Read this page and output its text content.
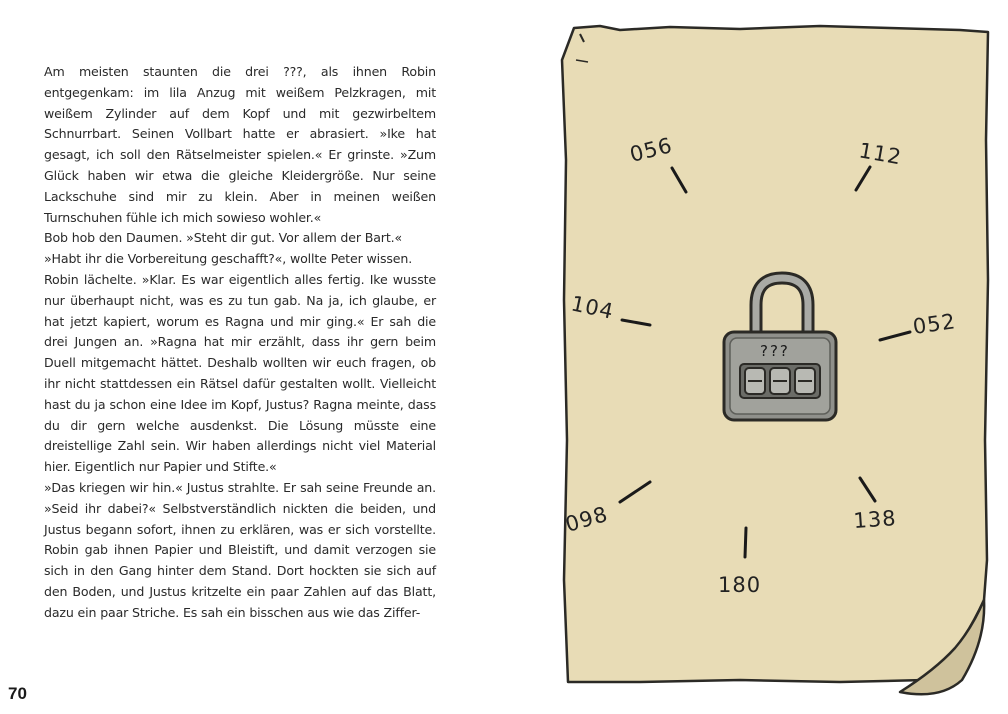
Am meisten staunten die drei ???, als ihnen Robin entgegenkam: im lila Anzug mit weißem Pelzkragen, mit weißem Zylinder auf dem Kopf und mit gezwirbeltem Schnurrbart. Seinen Vollbart hatte er abrasiert. »Ike hat gesagt, ich soll den Rätselmeister spielen.« Er grinste. »Zum Glück haben wir etwa die gleiche Kleidergröße. Nur seine Lackschuhe sind mir zu klein. Aber in meinen weißen Turnschuhen fühle ich mich sowieso wohler.«

Bob hob den Daumen. »Steht dir gut. Vor allem der Bart.«

»Habt ihr die Vorbereitung geschafft?«, wollte Peter wissen.

Robin lächelte. »Klar. Es war eigentlich alles fertig. Ike wusste nur überhaupt nicht, was es zu tun gab. Na ja, ich glaube, er hat jetzt kapiert, worum es Ragna und mir ging.« Er sah die drei Jungen an. »Ragna hat mir erzählt, dass ihr gern beim Duell mitgemacht hättet. Deshalb wollten wir euch fragen, ob ihr nicht stattdessen ein Rätsel dafür gestalten wollt. Vielleicht hast du ja schon eine Idee im Kopf, Justus? Ragna meinte, dass du dir gern welche ausdenkst. Die Lösung müsste eine dreistellige Zahl sein. Wir haben allerdings nicht viel Material hier. Eigentlich nur Papier und Stifte.«

»Das kriegen wir hin.« Justus strahlte. Er sah seine Freunde an. »Seid ihr dabei?« Selbstverständlich nickten die beiden, und Justus begann sofort, ihnen zu erklären, was er sich vorstellte. Robin gab ihnen Papier und Bleistift, und damit verzogen sie sich in den Gang hinter dem Stand. Dort hockten sie sich auf den Boden, und Justus kritzelte ein paar Zahlen auf das Blatt, dazu ein paar Striche. Es sah ein bisschen aus wie das Ziffer-

70
056	112
104
052
098	138
180
???
